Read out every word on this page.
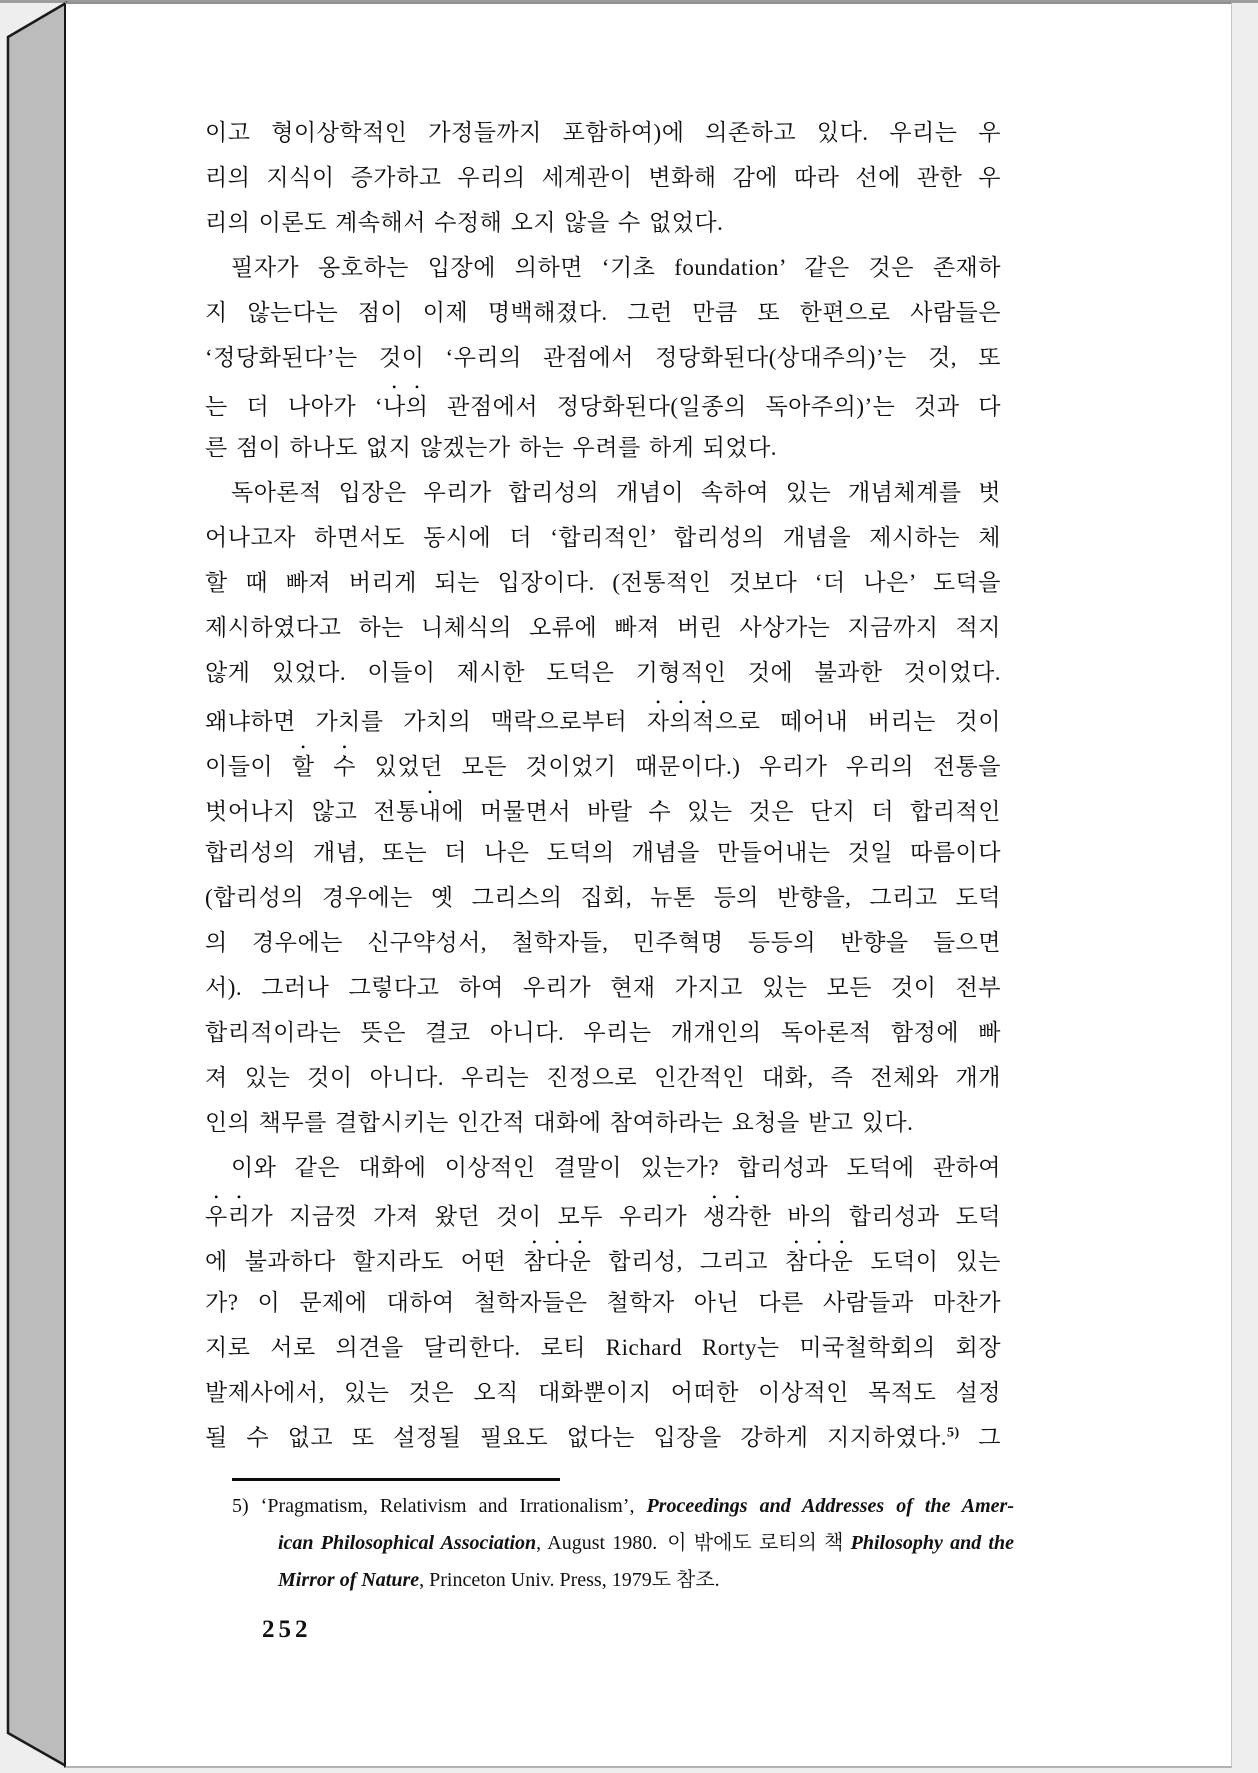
이고 형이상학적인 가정들까지 포함하여)에 의존하고 있다. 우리는 우
리의 지식이 증가하고 우리의 세계관이 변화해 감에 따라 선에 관한 우
리의 이론도 계속해서 수정해 오지 않을 수 없었다.
필자가 옹호하는 입장에 의하면 ‘기초 foundation’ 같은 것은 존재하
지 않는다는 점이 이제 명백해졌다. 그런 만큼 또 한편으로 사람들은
‘정당화된다’는 것이 ‘우리의 관점에서 정당화된다(상대주의)’는 것, 또
는 더 나아가 ‘나의 관점에서 정당화된다(일종의 독아주의)’는 것과 다
른 점이 하나도 없지 않겠는가 하는 우려를 하게 되었다.
독아론적 입장은 우리가 합리성의 개념이 속하여 있는 개념체계를 벗
어나고자 하면서도 동시에 더 ‘합리적인’ 합리성의 개념을 제시하는 체
할 때 빠져 버리게 되는 입장이다. (전통적인 것보다 ‘더 나은’ 도덕을
제시하였다고 하는 니체식의 오류에 빠져 버린 사상가는 지금까지 적지
않게 있었다. 이들이 제시한 도덕은 기형적인 것에 불과한 것이었다.
왜냐하면 가치를 가치의 맥락으로부터 자의적으로 떼어내 버리는 것이
이들이 할 수 있었던 모든 것이었기 때문이다.) 우리가 우리의 전통을
벗어나지 않고 전통내에 머물면서 바랄 수 있는 것은 단지 더 합리적인
합리성의 개념, 또는 더 나은 도덕의 개념을 만들어내는 것일 따름이다
(합리성의 경우에는 옛 그리스의 집회, 뉴톤 등의 반향을, 그리고 도덕
의 경우에는 신구약성서, 철학자들, 민주혁명 등등의 반향을 들으면
서). 그러나 그렇다고 하여 우리가 현재 가지고 있는 모든 것이 전부
합리적이라는 뜻은 결코 아니다. 우리는 개개인의 독아론적 함정에 빠
져 있는 것이 아니다. 우리는 진정으로 인간적인 대화, 즉 전체와 개개
인의 책무를 결합시키는 인간적 대화에 참여하라는 요청을 받고 있다.
이와 같은 대화에 이상적인 결말이 있는가? 합리성과 도덕에 관하여
우리가 지금껏 가져 왔던 것이 모두 우리가 생각한 바의 합리성과 도덕
에 불과하다 할지라도 어떤 참다운 합리성, 그리고 참다운 도덕이 있는
가? 이 문제에 대하여 철학자들은 철학자 아닌 다른 사람들과 마찬가
지로 서로 의견을 달리한다. 로티 Richard Rorty는 미국철학회의 회장
발제사에서, 있는 것은 오직 대화뿐이지 어떠한 이상적인 목적도 설정
될 수 없고 또 설정될 필요도 없다는 입장을 강하게 지지하였다.$^{5)}$ 그
5) ‘Pragmatism, Relativism and Irrationalism’, Proceedings and Addresses of the Amer-
ican Philosophical Association, August 1980. 이 밖에도 로티의 책 Philosophy and the
Mirror of Nature, Princeton Univ. Press, 1979도 참조.
252
